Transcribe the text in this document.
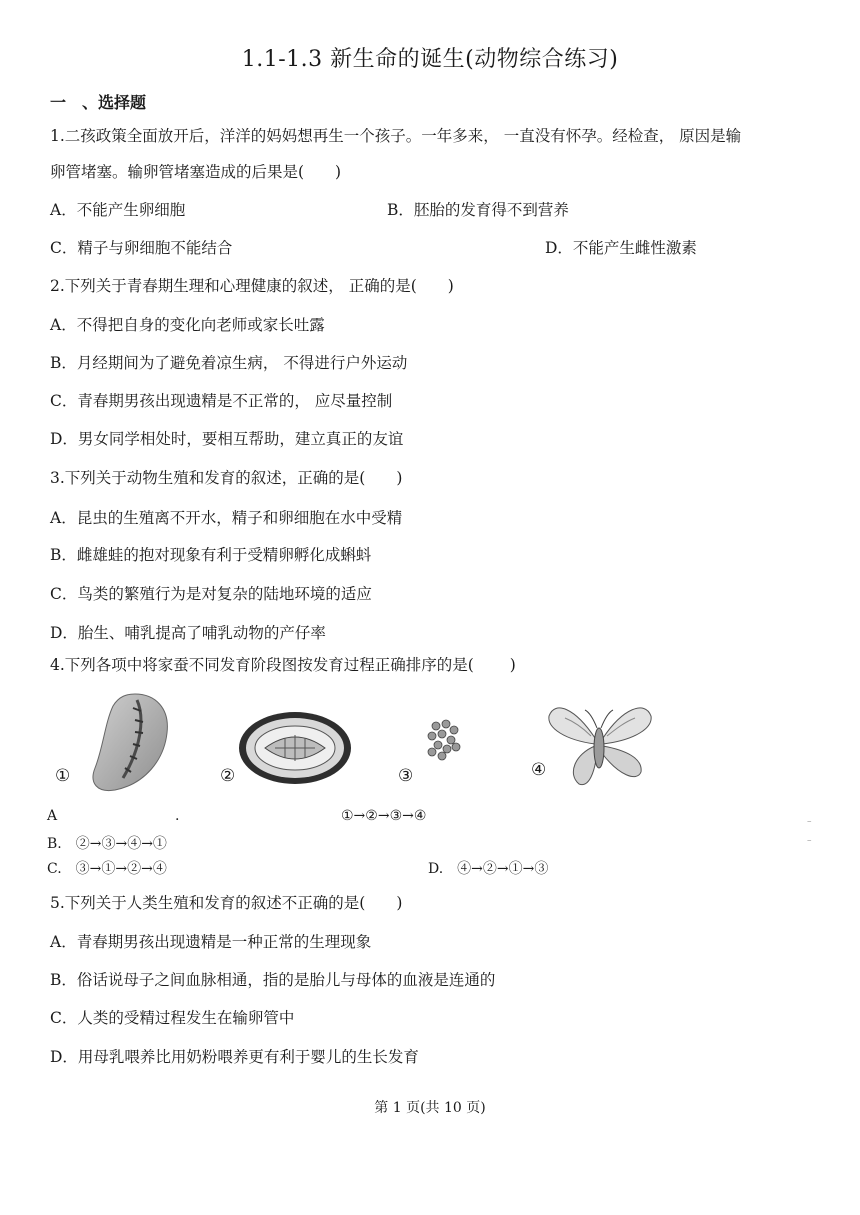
1.1-1.3 新生命的诞生(动物综合练习)
一　、选择题
1.二孩政策全面放开后，洋洋的妈妈想再生一个孩子。一年多来， 一直没有怀孕。经检查， 原因是输
卵管堵塞。输卵管堵塞造成的后果是(　　)
A．不能产生卵细胞	B．胚胎的发育得不到营养
C．精子与卵细胞不能结合	D．不能产生雌性激素
2.下列关于青春期生理和心理健康的叙述， 正确的是(　　)
A．不得把自身的变化向老师或家长吐露
B．月经期间为了避免着凉生病， 不得进行户外运动
C．青春期男孩出现遗精是不正常的， 应尽量控制
D．男女同学相处时，要相互帮助，建立真正的友谊
3.下列关于动物生殖和发育的叙述，正确的是(　　)
A．昆虫的生殖离不开水，精子和卵细胞在水中受精
B．雌雄蛙的抱对现象有利于受精卵孵化成蝌蚪
C．鸟类的繁殖行为是对复杂的陆地环境的适应
D．胎生、哺乳提高了哺乳动物的产仔率
4.下列各项中将家蚕不同发育阶段图按发育过程正确排序的是(　　 )
①	②	③	④
A	.	①→②→③→④	–
–
B.　②→③→④→①
C.　③→①→②→④	D.　④→②→①→③
5.下列关于人类生殖和发育的叙述不正确的是(　　)
A．青春期男孩出现遗精是一种正常的生理现象
B．俗话说母子之间血脉相通，指的是胎儿与母体的血液是连通的
C．人类的受精过程发生在输卵管中
D．用母乳喂养比用奶粉喂养更有利于婴儿的生长发育
第 1 页(共 10 页)
